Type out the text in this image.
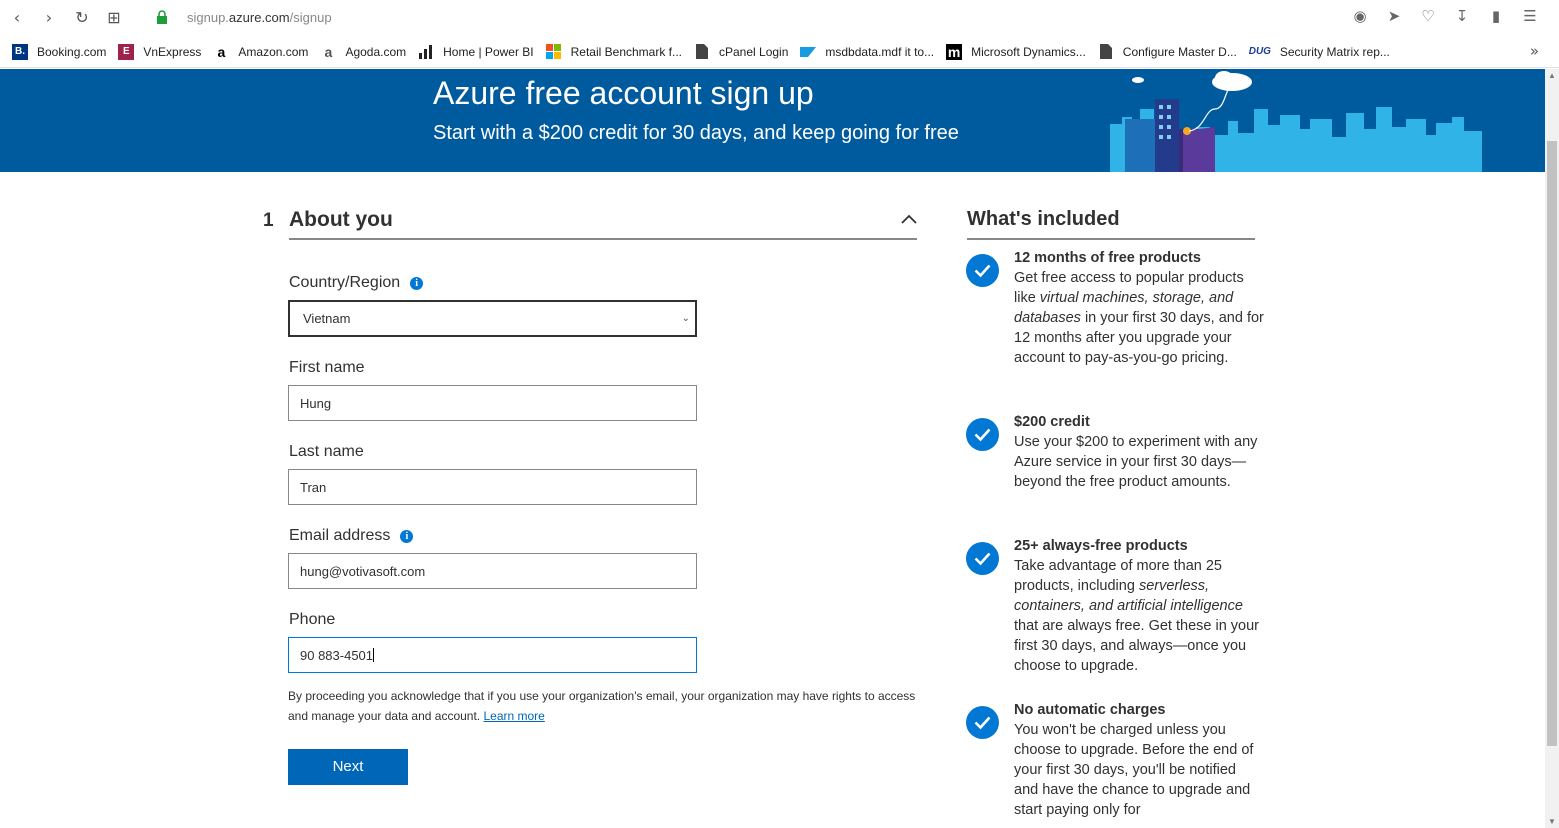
‹	›	↻ ⊞	signup.azure.com/signup	◉	➤	♡	↧	▮	☰
B. Booking.com	E	VnExpress a	Amazon.com a	Agoda.com	Home | Power BI	Retail Benchmark f...	cPanel Login	msdbdata.mdf it to... m Microsoft Dynamics...	Configure Master D... DUG Security Matrix rep...	»
Azure free account sign up

Start with a $200 credit for 30 days, and keep going for free

1 About you
Country/Region i
Vietnam	⌄
First name
Hung
Last name
Tran
Email address i
hung@votivasoft.com
Phone
90 883-4501
By proceeding you acknowledge that if you use your organization's email, your organization may have rights to access and manage your data and account. Learn more
Next
What's included
12 months of free products
Get free access to popular products like virtual machines, storage, and databases in your first 30 days, and for 12 months after you upgrade your account to pay-as-you-go pricing.
$200 credit
Use your $200 to experiment with any Azure service in your first 30 days—beyond the free product amounts.
25+ always-free products
Take advantage of more than 25 products, including serverless, containers, and artificial intelligence that are always free. Get these in your first 30 days, and always—once you choose to upgrade.
No automatic charges
You won't be charged unless you choose to upgrade. Before the end of your first 30 days, you'll be notified and have the chance to upgrade and start paying only for
▲
▼
